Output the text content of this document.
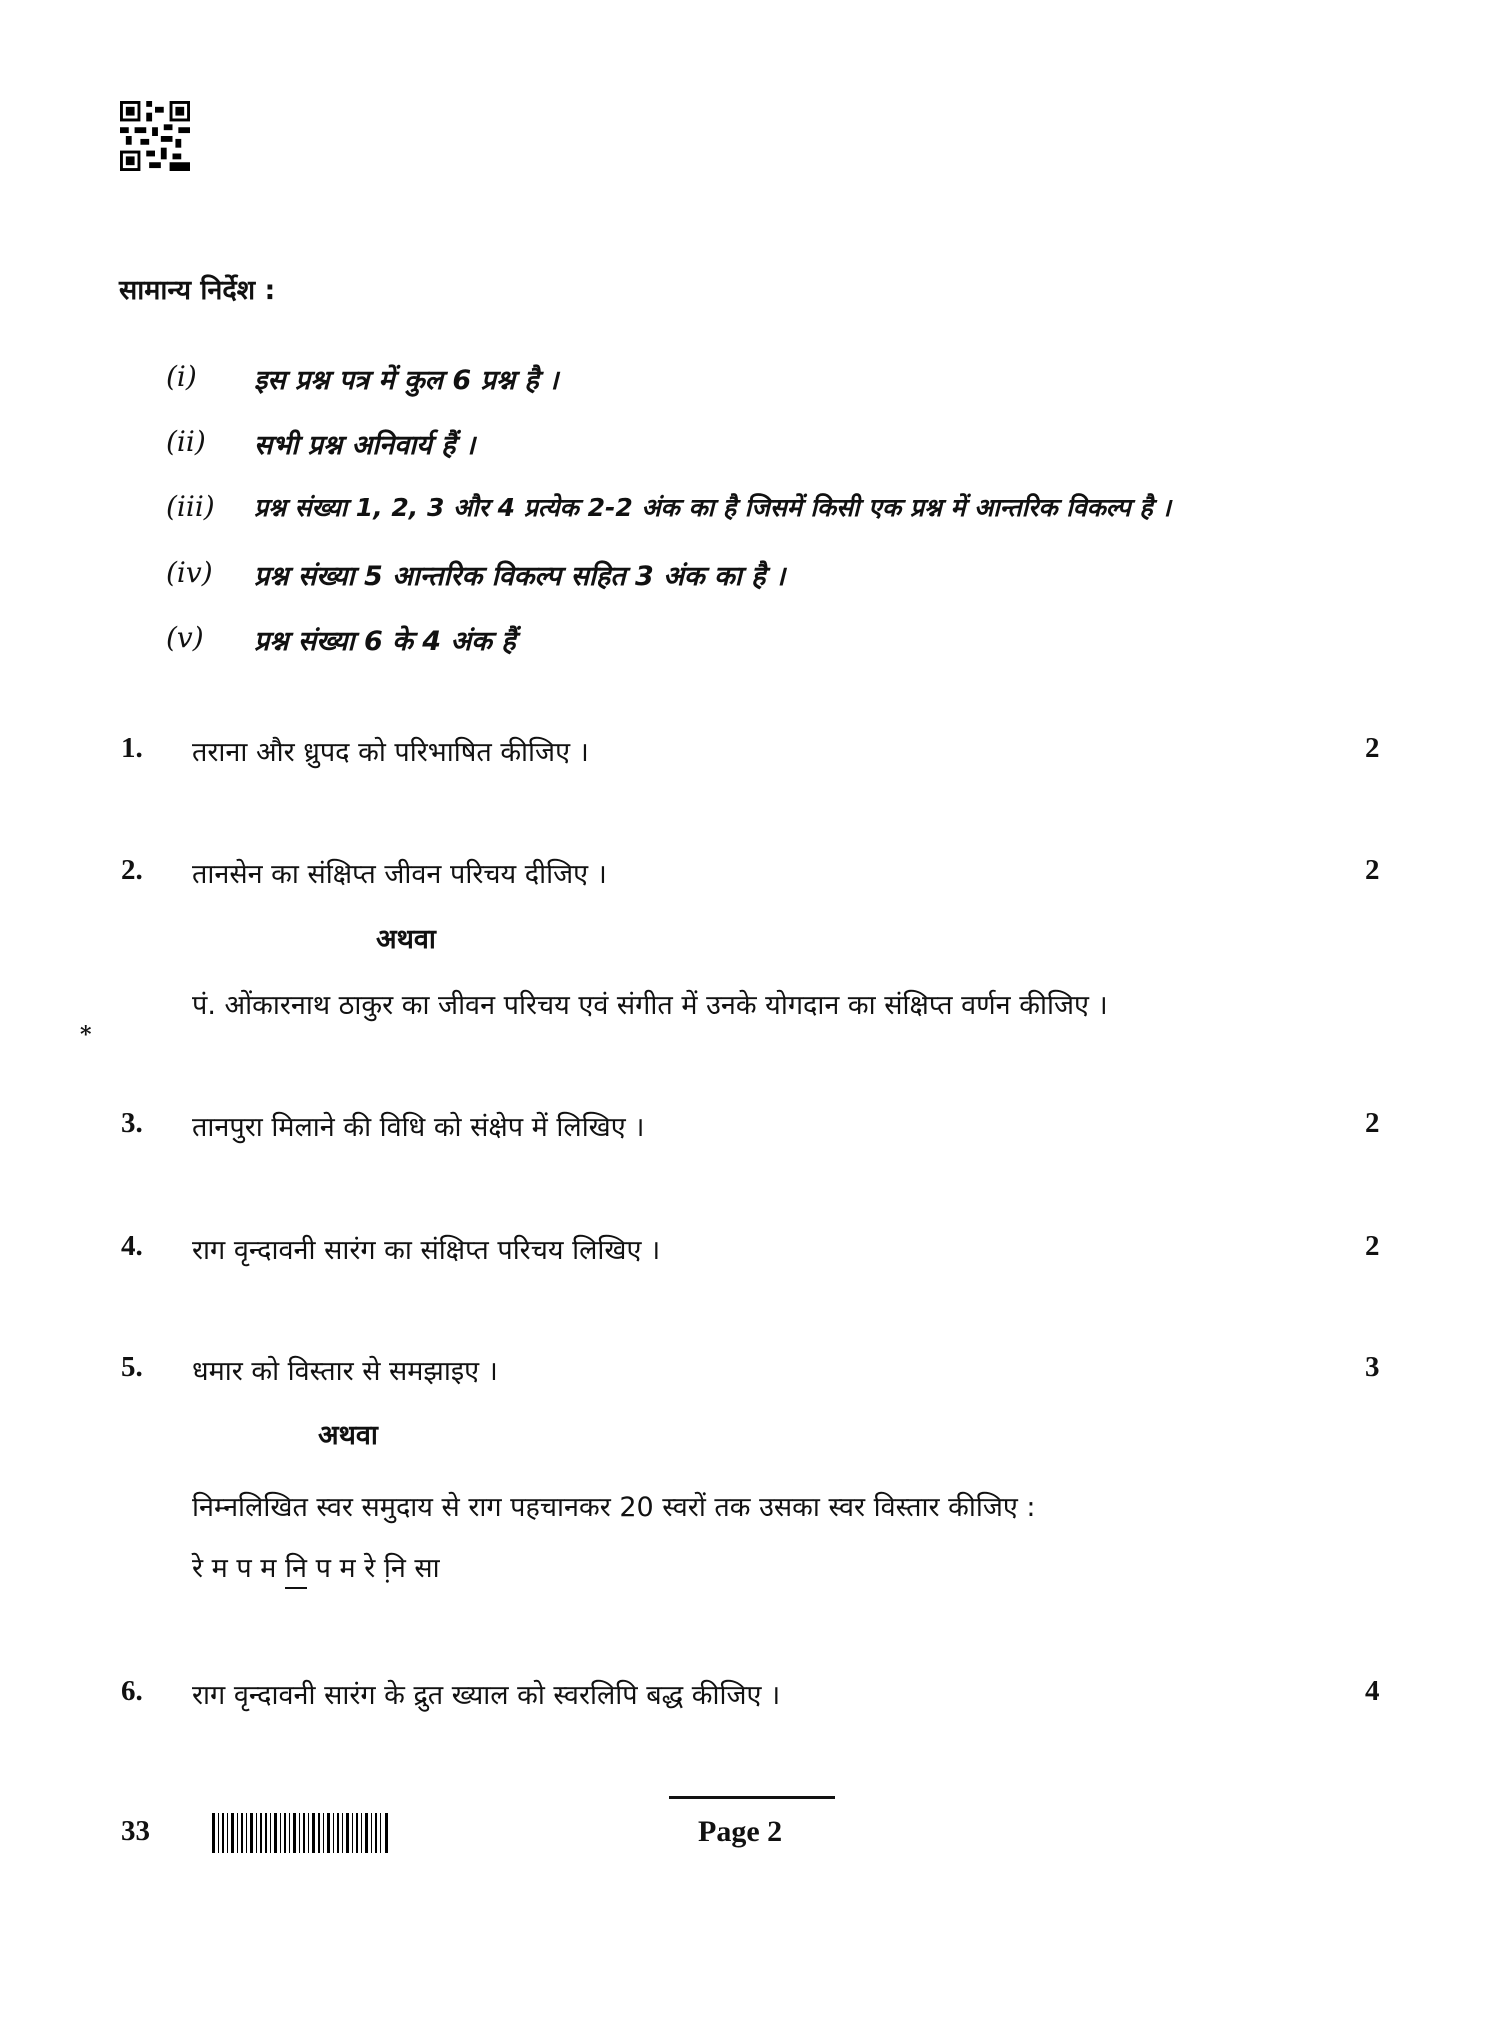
सामान्य निर्देश :
(i) इस प्रश्न पत्र में कुल 6 प्रश्न है ।
(ii) सभी प्रश्न अनिवार्य हैं ।
(iii) प्रश्न संख्या 1, 2, 3 और 4 प्रत्येक 2-2 अंक का है जिसमें किसी एक प्रश्न में आन्तरिक विकल्प है ।
(iv) प्रश्न संख्या 5 आन्तरिक विकल्प सहित 3 अंक का है ।
(v) प्रश्न संख्या 6 के 4 अंक हैं
1. तराना और ध्रुपद को परिभाषित कीजिए ।	2
2. तानसेन का संक्षिप्त जीवन परिचय दीजिए ।	2
अथवा
पं. ओंकारनाथ ठाकुर का जीवन परिचय एवं संगीत में उनके योगदान का संक्षिप्त वर्णन कीजिए ।
*
3. तानपुरा मिलाने की विधि को संक्षेप में लिखिए ।	2
4. राग वृन्दावनी सारंग का संक्षिप्त परिचय लिखिए ।	2
5. धमार को विस्तार से समझाइए ।	3
अथवा
निम्नलिखित स्वर समुदाय से राग पहचानकर 20 स्वरों तक उसका स्वर विस्तार कीजिए :
रे म प म नि प म रे नि़ सा
6. राग वृन्दावनी सारंग के द्रुत ख्याल को स्वरलिपि बद्ध कीजिए ।	4
33	Page 2
